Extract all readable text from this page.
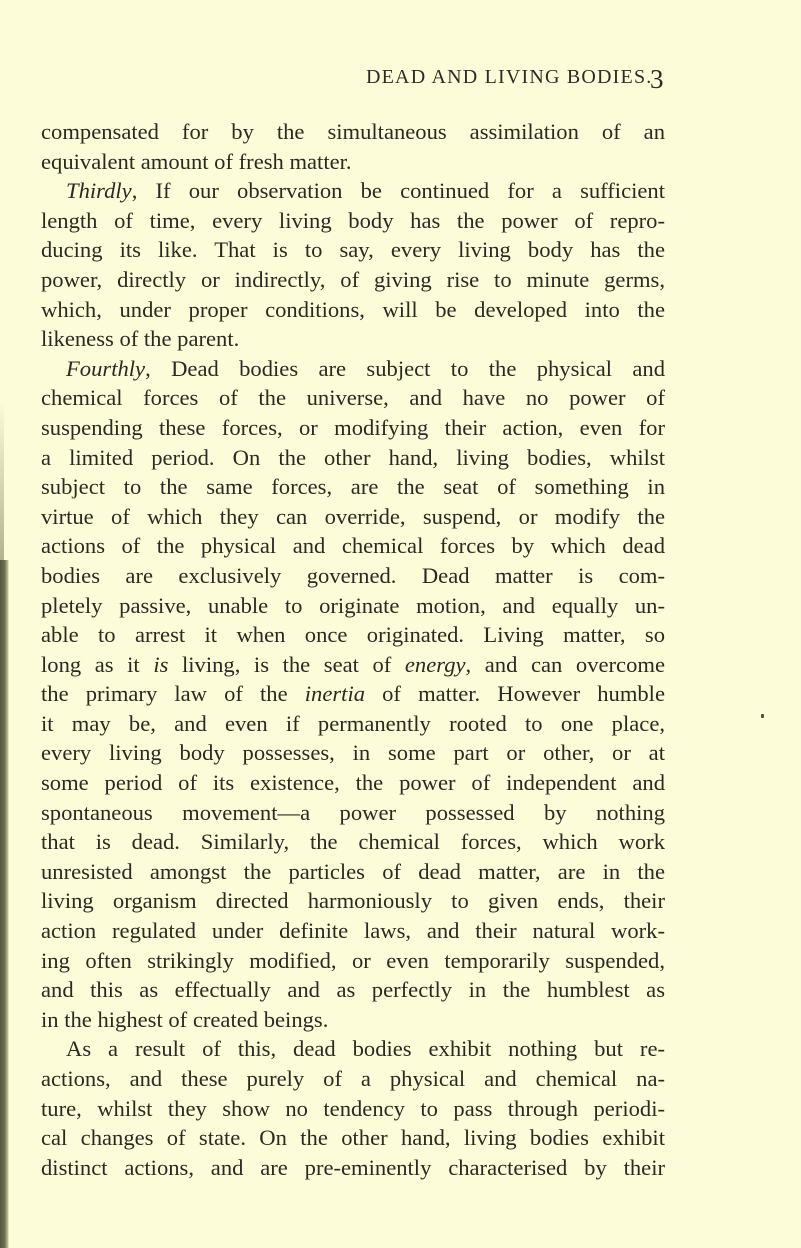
DEAD AND LIVING BODIES.
3
compensated for by the simultaneous assimilation of an
equivalent amount of fresh matter.
Thirdly, If our observation be continued for a sufficient
length of time, every living body has the power of repro-
ducing its like. That is to say, every living body has the
power, directly or indirectly, of giving rise to minute germs,
which, under proper conditions, will be developed into the
likeness of the parent.
Fourthly, Dead bodies are subject to the physical and
chemical forces of the universe, and have no power of
suspending these forces, or modifying their action, even for
a limited period. On the other hand, living bodies, whilst
subject to the same forces, are the seat of something in
virtue of which they can override, suspend, or modify the
actions of the physical and chemical forces by which dead
bodies are exclusively governed. Dead matter is com-
pletely passive, unable to originate motion, and equally un-
able to arrest it when once originated. Living matter, so
long as it is living, is the seat of energy, and can overcome
the primary law of the inertia of matter. However humble
it may be, and even if permanently rooted to one place,
every living body possesses, in some part or other, or at
some period of its existence, the power of independent and
spontaneous movement—a power possessed by nothing
that is dead. Similarly, the chemical forces, which work
unresisted amongst the particles of dead matter, are in the
living organism directed harmoniously to given ends, their
action regulated under definite laws, and their natural work-
ing often strikingly modified, or even temporarily suspended,
and this as effectually and as perfectly in the humblest as
in the highest of created beings.
As a result of this, dead bodies exhibit nothing but re-
actions, and these purely of a physical and chemical na-
ture, whilst they show no tendency to pass through periodi-
cal changes of state. On the other hand, living bodies exhibit
distinct actions, and are pre-eminently characterised by their
